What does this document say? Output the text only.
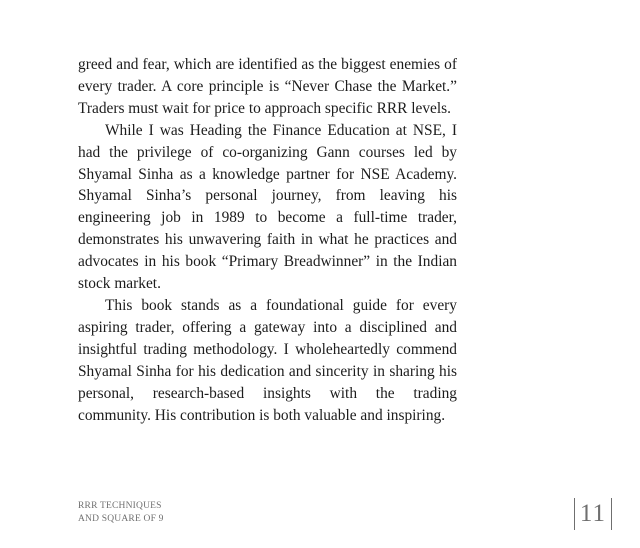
greed and fear, which are identified as the biggest enemies of every trader. A core principle is “Never Chase the Market.” Traders must wait for price to approach specific RRR levels.

While I was Heading the Finance Education at NSE, I had the privilege of co-organizing Gann courses led by Shyamal Sinha as a knowledge partner for NSE Academy. Shyamal Sinha’s personal journey, from leaving his engineering job in 1989 to become a full-time trader, demonstrates his unwavering faith in what he practices and advocates in his book “Primary Breadwinner” in the Indian stock market.

This book stands as a foundational guide for every aspiring trader, offering a gateway into a disciplined and insightful trading methodology. I wholeheartedly commend Shyamal Sinha for his dedication and sincerity in sharing his personal, research-based insights with the trading community. His contribution is both valuable and inspiring.

RRR TECHNIQUES
AND SQUARE OF 9	11
